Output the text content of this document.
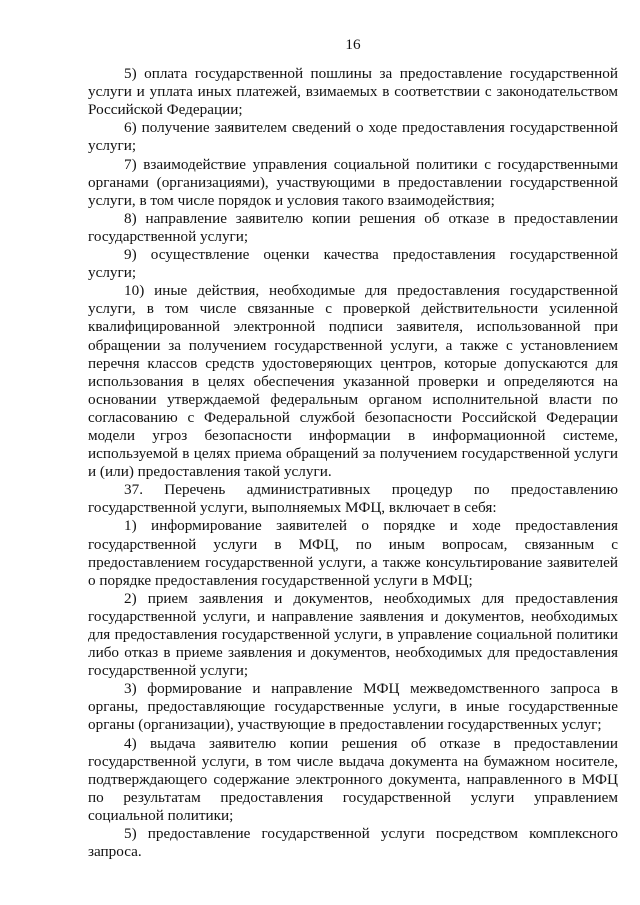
16

5) оплата государственной пошлины за предоставление государственной услуги и уплата иных платежей, взимаемых в соответствии с законодательством Российской Федерации;

6) получение заявителем сведений о ходе предоставления государственной услуги;

7) взаимодействие управления социальной политики с государственными органами (организациями), участвующими в предоставлении государственной услуги, в том числе порядок и условия такого взаимодействия;

8) направление заявителю копии решения об отказе в предоставлении государственной услуги;

9) осуществление оценки качества предоставления государственной услуги;

10) иные действия, необходимые для предоставления государственной услуги, в том числе связанные с проверкой действительности усиленной квалифицированной электронной подписи заявителя, использованной при обращении за получением государственной услуги, а также с установлением перечня классов средств удостоверяющих центров, которые допускаются для использования в целях обеспечения указанной проверки и определяются на основании утверждаемой федеральным органом исполнительной власти по согласованию с Федеральной службой безопасности Российской Федерации модели угроз безопасности информации в информационной системе, используемой в целях приема обращений за получением государственной услуги и (или) предоставления такой услуги.

37. Перечень административных процедур по предоставлению государственной услуги, выполняемых МФЦ, включает в себя:

1) информирование заявителей о порядке и ходе предоставления государственной услуги в МФЦ, по иным вопросам, связанным с предоставлением государственной услуги, а также консультирование заявителей о порядке предоставления государственной услуги в МФЦ;

2) прием заявления и документов, необходимых для предоставления государственной услуги, и направление заявления и документов, необходимых для предоставления государственной услуги, в управление социальной политики либо отказ в приеме заявления и документов, необходимых для предоставления государственной услуги;

3) формирование и направление МФЦ межведомственного запроса в органы, предоставляющие государственные услуги, в иные государственные органы (организации), участвующие в предоставлении государственных услуг;

4) выдача заявителю копии решения об отказе в предоставлении государственной услуги, в том числе выдача документа на бумажном носителе, подтверждающего содержание электронного документа, направленного в МФЦ по результатам предоставления государственной услуги управлением социальной политики;

5) предоставление государственной услуги посредством комплексного запроса.
